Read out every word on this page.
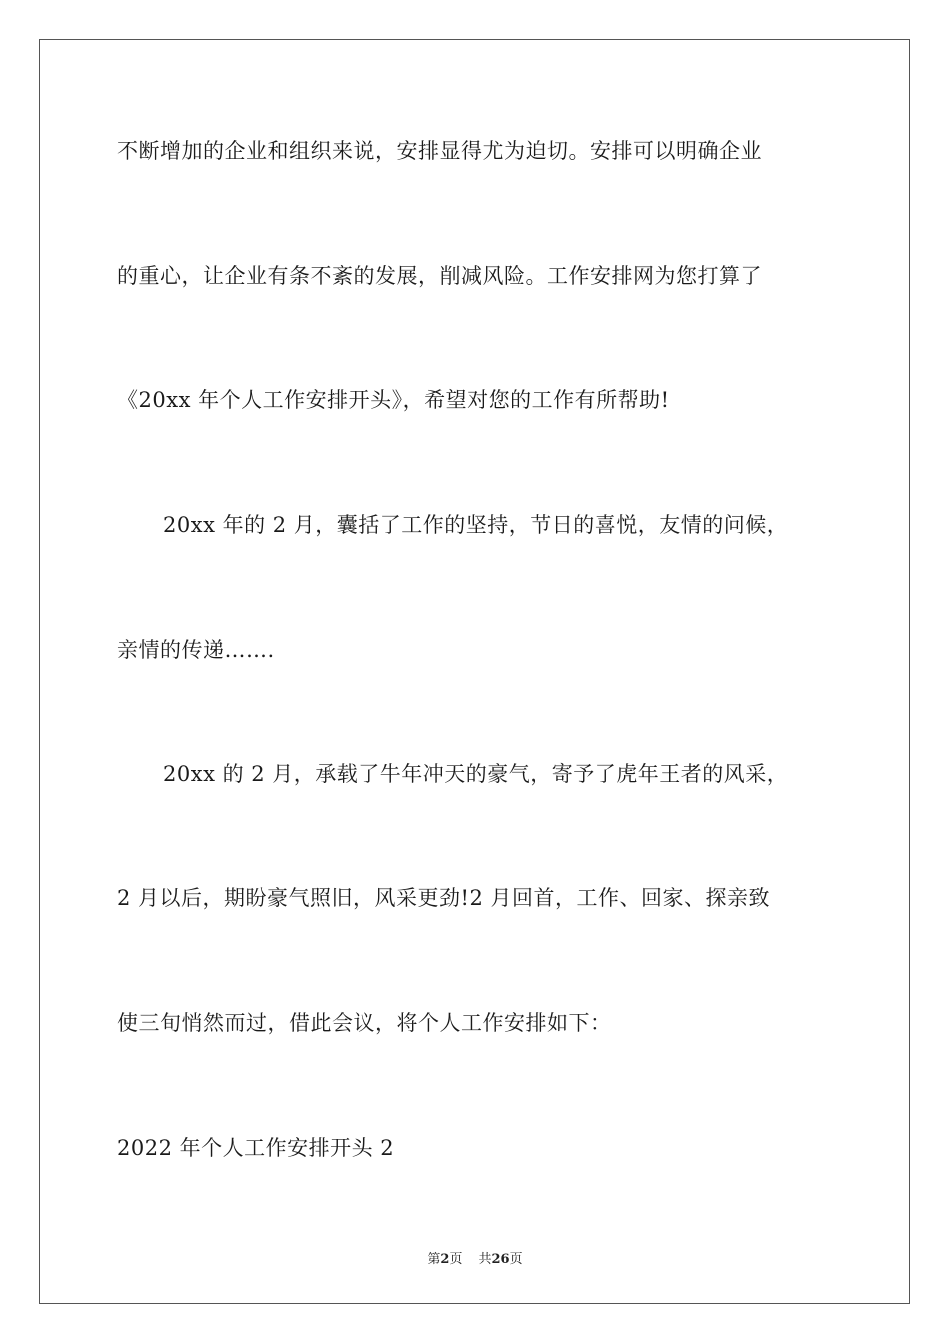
不断增加的企业和组织来说，安排显得尤为迫切。安排可以明确企业
的重心，让企业有条不紊的发展，削减风险。工作安排网为您打算了
《20xx 年个人工作安排开头》，希望对您的工作有所帮助!
20xx 年的 2 月，囊括了工作的坚持，节日的喜悦，友情的问候，
亲情的传递…….
20xx 的 2 月，承载了牛年冲天的豪气，寄予了虎年王者的风采，
2 月以后，期盼豪气照旧，风采更劲!2 月回首，工作、回家、探亲致
使三旬悄然而过，借此会议，将个人工作安排如下：
2022 年个人工作安排开头 2
第2页 共26页
